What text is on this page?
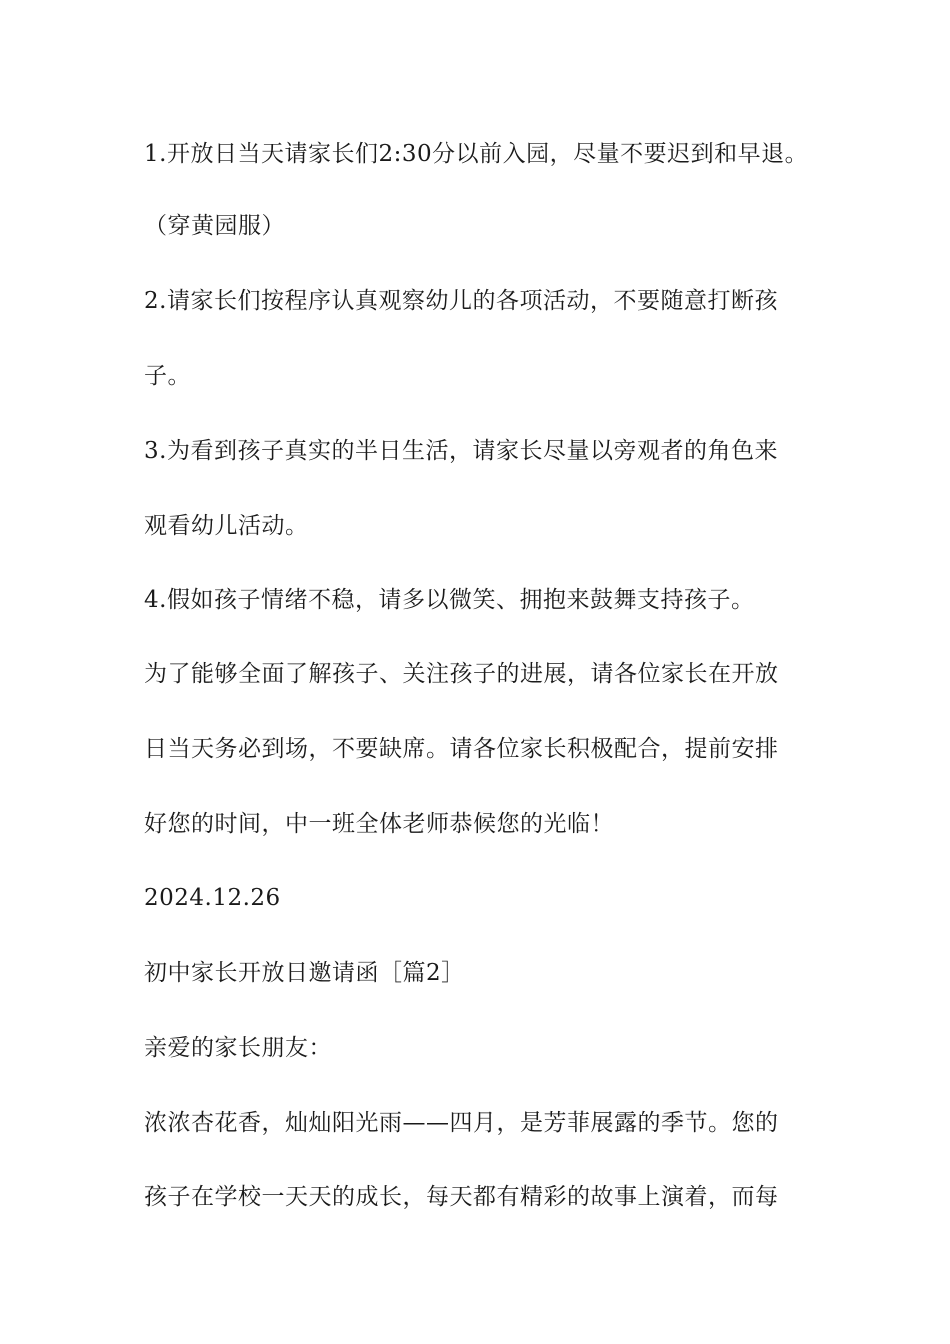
1.开放日当天请家长们2:30分以前入园，尽量不要迟到和早退。
（穿黄园服）
2.请家长们按程序认真观察幼儿的各项活动，不要随意打断孩
子。
3.为看到孩子真实的半日生活，请家长尽量以旁观者的角色来
观看幼儿活动。
4.假如孩子情绪不稳，请多以微笑、拥抱来鼓舞支持孩子。
为了能够全面了解孩子、关注孩子的进展，请各位家长在开放
日当天务必到场，不要缺席。请各位家长积极配合，提前安排
好您的时间，中一班全体老师恭候您的光临！
2024.12.26
初中家长开放日邀请函［篇2］
亲爱的家长朋友：
浓浓杏花香，灿灿阳光雨——四月，是芳菲展露的季节。您的
孩子在学校一天天的成长，每天都有精彩的故事上演着，而每
